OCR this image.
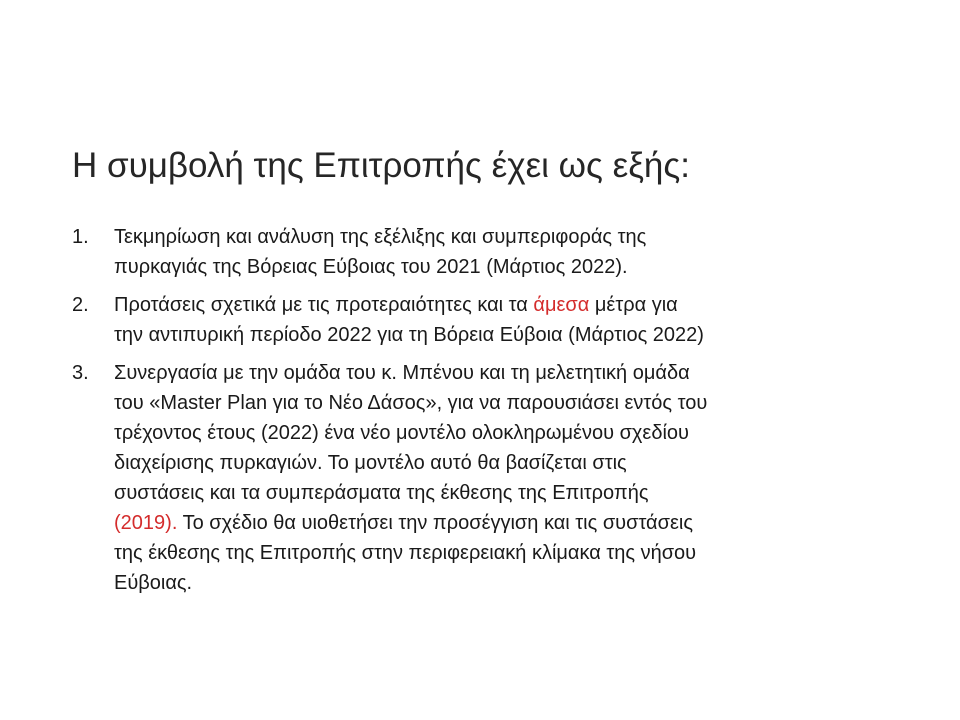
Η συμβολή της Επιτροπής έχει ως εξής:
1.	Τεκμηρίωση και ανάλυση της εξέλιξης και συμπεριφοράς της
πυρκαγιάς της Βόρειας Εύβοιας του 2021 (Μάρτιος 2022).
2.	Προτάσεις σχετικά με τις προτεραιότητες και τα άμεσα μέτρα για
την αντιπυρική περίοδο 2022 για τη Βόρεια Εύβοια (Μάρτιος 2022)
3.	Συνεργασία με την ομάδα του κ. Μπένου και τη μελετητική ομάδα
του «Master Plan για το Νέο Δάσος», για να παρουσιάσει εντός του
τρέχοντος έτους (2022) ένα νέο μοντέλο ολοκληρωμένου σχεδίου
διαχείρισης πυρκαγιών. Το μοντέλο αυτό θα βασίζεται στις
συστάσεις και τα συμπεράσματα της έκθεσης της Επιτροπής
(2019). Το σχέδιο θα υιοθετήσει την προσέγγιση και τις συστάσεις
της έκθεσης της Επιτροπής στην περιφερειακή κλίμακα της νήσου
Εύβοιας.
